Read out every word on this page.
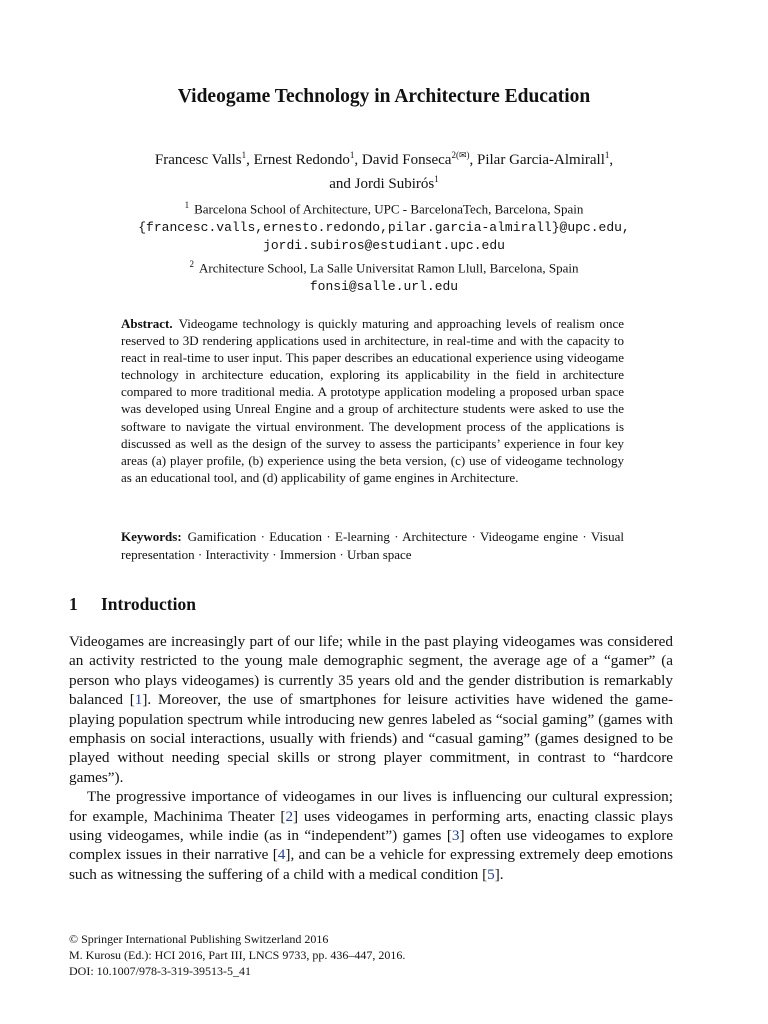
Videogame Technology in Architecture Education
Francesc Valls$^1$, Ernest Redondo$^1$, David Fonseca$^{2(✉)}$, Pilar Garcia-Almirall$^1$,
and Jordi Subirós$^1$
$^1$ Barcelona School of Architecture, UPC - BarcelonaTech, Barcelona, Spain
{francesc.valls,ernesto.redondo,pilar.garcia-almirall}@upc.edu,
jordi.subiros@estudiant.upc.edu
$^2$ Architecture School, La Salle Universitat Ramon Llull, Barcelona, Spain
fonsi@salle.url.edu
Abstract. Videogame technology is quickly maturing and approaching levels of realism once reserved to 3D rendering applications used in architecture, in real-time and with the capacity to react in real-time to user input. This paper describes an educational experience using videogame technology in architecture education, exploring its applicability in the field in architecture compared to more traditional media. A prototype application modeling a proposed urban space was developed using Unreal Engine and a group of architecture students were asked to use the software to navigate the virtual environment. The development process of the applications is discussed as well as the design of the survey to assess the participants’ experience in four key areas (a) player profile, (b) experience using the beta version, (c) use of videogame technology as an educational tool, and (d) applicability of game engines in Architecture.
Keywords: Gamification · Education · E-learning · Architecture · Videogame engine · Visual representation · Interactivity · Immersion · Urban space
1 Introduction

Videogames are increasingly part of our life; while in the past playing videogames was considered an activity restricted to the young male demographic segment, the average age of a “gamer” (a person who plays videogames) is currently 35 years old and the gender distribution is remarkably balanced [1]. Moreover, the use of smartphones for leisure activities have widened the game-playing population spectrum while introducing new genres labeled as “social gaming” (games with emphasis on social interactions, usually with friends) and “casual gaming” (games designed to be played without needing special skills or strong player commitment, in contrast to “hardcore games”).

The progressive importance of videogames in our lives is influencing our cultural expression; for example, Machinima Theater [2] uses videogames in performing arts, enacting classic plays using videogames, while indie (as in “independent”) games [3] often use videogames to explore complex issues in their narrative [4], and can be a vehicle for expressing extremely deep emotions such as witnessing the suffering of a child with a medical condition [5].

© Springer International Publishing Switzerland 2016
M. Kurosu (Ed.): HCI 2016, Part III, LNCS 9733, pp. 436–447, 2016.
DOI: 10.1007/978-3-319-39513-5_41
